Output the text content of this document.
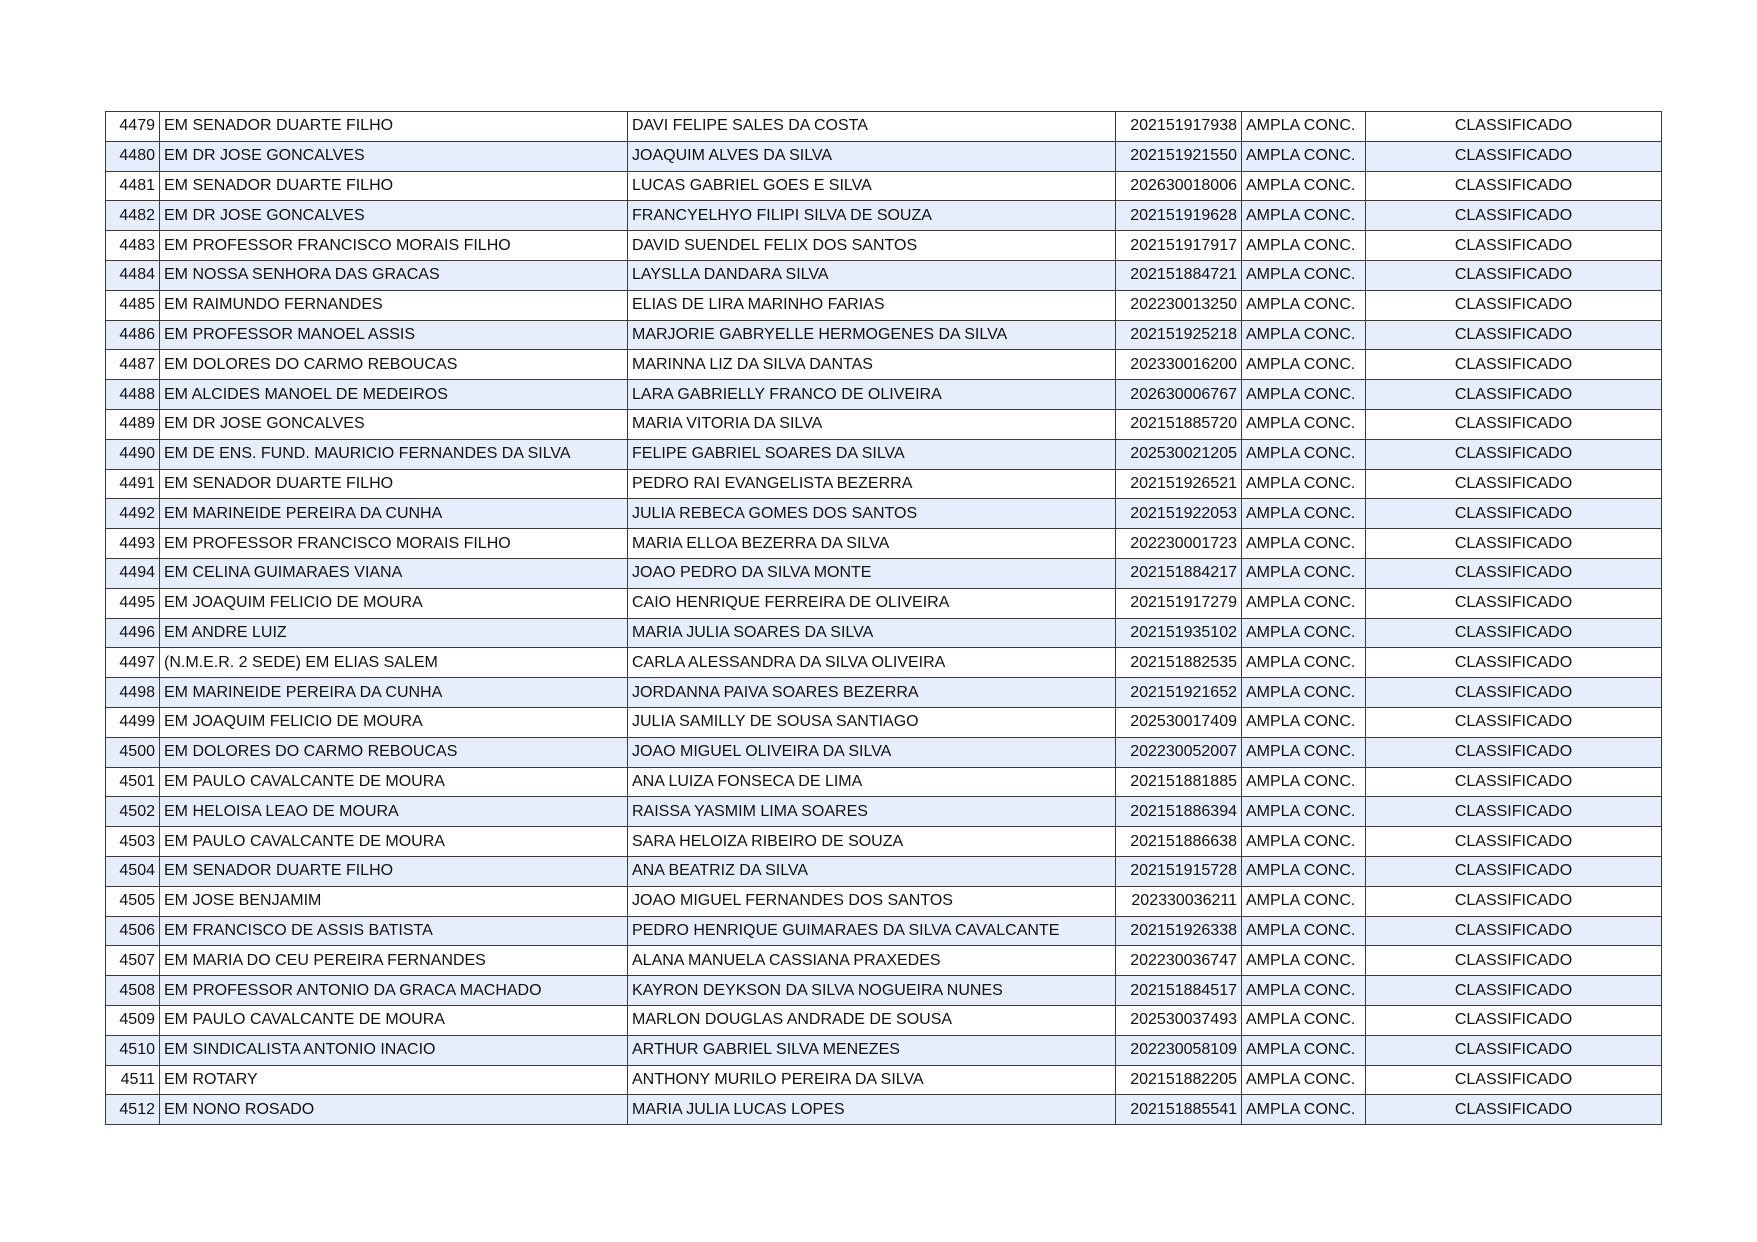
4479	EM SENADOR DUARTE FILHO	DAVI FELIPE SALES DA COSTA	202151917938	AMPLA CONC.	CLASSIFICADO
4480	EM DR JOSE GONCALVES	JOAQUIM ALVES DA SILVA	202151921550	AMPLA CONC.	CLASSIFICADO
4481	EM SENADOR DUARTE FILHO	LUCAS GABRIEL GOES E SILVA	202630018006	AMPLA CONC.	CLASSIFICADO
4482	EM DR JOSE GONCALVES	FRANCYELHYO FILIPI SILVA DE SOUZA	202151919628	AMPLA CONC.	CLASSIFICADO
4483	EM PROFESSOR FRANCISCO MORAIS FILHO	DAVID SUENDEL FELIX DOS SANTOS	202151917917	AMPLA CONC.	CLASSIFICADO
4484	EM NOSSA SENHORA DAS GRACAS	LAYSLLA DANDARA SILVA	202151884721	AMPLA CONC.	CLASSIFICADO
4485	EM RAIMUNDO FERNANDES	ELIAS DE LIRA MARINHO FARIAS	202230013250	AMPLA CONC.	CLASSIFICADO
4486	EM PROFESSOR MANOEL ASSIS	MARJORIE GABRYELLE HERMOGENES DA SILVA	202151925218	AMPLA CONC.	CLASSIFICADO
4487	EM DOLORES DO CARMO REBOUCAS	MARINNA LIZ DA SILVA DANTAS	202330016200	AMPLA CONC.	CLASSIFICADO
4488	EM ALCIDES MANOEL DE MEDEIROS	LARA GABRIELLY FRANCO DE OLIVEIRA	202630006767	AMPLA CONC.	CLASSIFICADO
4489	EM DR JOSE GONCALVES	MARIA VITORIA DA SILVA	202151885720	AMPLA CONC.	CLASSIFICADO
4490	EM DE ENS. FUND. MAURICIO FERNANDES DA SILVA	FELIPE GABRIEL SOARES DA SILVA	202530021205	AMPLA CONC.	CLASSIFICADO
4491	EM SENADOR DUARTE FILHO	PEDRO RAI EVANGELISTA BEZERRA	202151926521	AMPLA CONC.	CLASSIFICADO
4492	EM MARINEIDE PEREIRA DA CUNHA	JULIA REBECA GOMES DOS SANTOS	202151922053	AMPLA CONC.	CLASSIFICADO
4493	EM PROFESSOR FRANCISCO MORAIS FILHO	MARIA ELLOA BEZERRA DA SILVA	202230001723	AMPLA CONC.	CLASSIFICADO
4494	EM CELINA GUIMARAES VIANA	JOAO PEDRO DA SILVA MONTE	202151884217	AMPLA CONC.	CLASSIFICADO
4495	EM JOAQUIM FELICIO DE MOURA	CAIO HENRIQUE FERREIRA DE OLIVEIRA	202151917279	AMPLA CONC.	CLASSIFICADO
4496	EM ANDRE LUIZ	MARIA JULIA SOARES DA SILVA	202151935102	AMPLA CONC.	CLASSIFICADO
4497	(N.M.E.R. 2 SEDE) EM ELIAS SALEM	CARLA ALESSANDRA DA SILVA OLIVEIRA	202151882535	AMPLA CONC.	CLASSIFICADO
4498	EM MARINEIDE PEREIRA DA CUNHA	JORDANNA PAIVA SOARES BEZERRA	202151921652	AMPLA CONC.	CLASSIFICADO
4499	EM JOAQUIM FELICIO DE MOURA	JULIA SAMILLY DE SOUSA SANTIAGO	202530017409	AMPLA CONC.	CLASSIFICADO
4500	EM DOLORES DO CARMO REBOUCAS	JOAO MIGUEL OLIVEIRA DA SILVA	202230052007	AMPLA CONC.	CLASSIFICADO
4501	EM PAULO CAVALCANTE DE MOURA	ANA LUIZA FONSECA DE LIMA	202151881885	AMPLA CONC.	CLASSIFICADO
4502	EM HELOISA LEAO DE MOURA	RAISSA YASMIM LIMA SOARES	202151886394	AMPLA CONC.	CLASSIFICADO
4503	EM PAULO CAVALCANTE DE MOURA	SARA HELOIZA RIBEIRO DE SOUZA	202151886638	AMPLA CONC.	CLASSIFICADO
4504	EM SENADOR DUARTE FILHO	ANA BEATRIZ DA SILVA	202151915728	AMPLA CONC.	CLASSIFICADO
4505	EM JOSE BENJAMIM	JOAO MIGUEL FERNANDES DOS SANTOS	202330036211	AMPLA CONC.	CLASSIFICADO
4506	EM FRANCISCO DE ASSIS BATISTA	PEDRO HENRIQUE GUIMARAES DA SILVA CAVALCANTE	202151926338	AMPLA CONC.	CLASSIFICADO
4507	EM MARIA DO CEU PEREIRA FERNANDES	ALANA MANUELA CASSIANA PRAXEDES	202230036747	AMPLA CONC.	CLASSIFICADO
4508	EM PROFESSOR ANTONIO DA GRACA MACHADO	KAYRON DEYKSON DA SILVA NOGUEIRA NUNES	202151884517	AMPLA CONC.	CLASSIFICADO
4509	EM PAULO CAVALCANTE DE MOURA	MARLON DOUGLAS ANDRADE DE SOUSA	202530037493	AMPLA CONC.	CLASSIFICADO
4510	EM SINDICALISTA ANTONIO INACIO	ARTHUR GABRIEL SILVA MENEZES	202230058109	AMPLA CONC.	CLASSIFICADO
4511	EM ROTARY	ANTHONY MURILO PEREIRA DA SILVA	202151882205	AMPLA CONC.	CLASSIFICADO
4512	EM NONO ROSADO	MARIA JULIA LUCAS LOPES	202151885541	AMPLA CONC.	CLASSIFICADO
